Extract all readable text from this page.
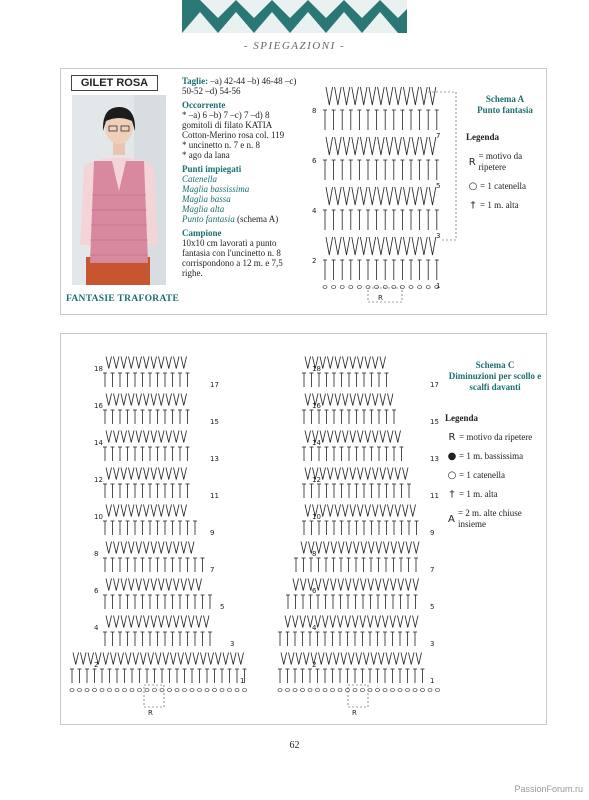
- SPIEGAZIONI -
GILET ROSA
FANTASIE TRAFORATE

Taglie: –a) 42-44 –b) 46-48 –c) 50-52 –d) 54-56

Occorrente

* –a) 6 –b) 7 –c) 7 –d) 8 gomitoli di filato KATIA Cotton-Merino rosa col. 119

* uncinetto n. 7 e n. 8

* ago da lana

Punti impiegati

Catenella

Maglia bassissima

Maglia bassa

Maglia alta

Punto fantasia (schema A)

Campione

10x10 cm lavorati a punto fantasia con l'uncinetto n. 8 corrispondono a 12 m. e 7,5 righe.

8
6
4
2
7
5
3
1
R
Schema A
Punto fantasia
Legenda
R
= motivo da ripetere
○ = 1 catenella
† = 1 m. alta
18
16
14
12
10
8
6
4
2
17
15
13
11
9
7
5
3
1
R
18
16
14
12
10
8
6
4
2
17
15
13
11
9
7
5
3
1
R
Schema C
Diminuzioni per scollo e scalfi davanti
Legenda
R = motivo da ripetere
● = 1 m. bassissima
○ = 1 catenella
† = 1 m. alta
A
= 2 m. alte chiuse insieme
62
PassionForum.ru
